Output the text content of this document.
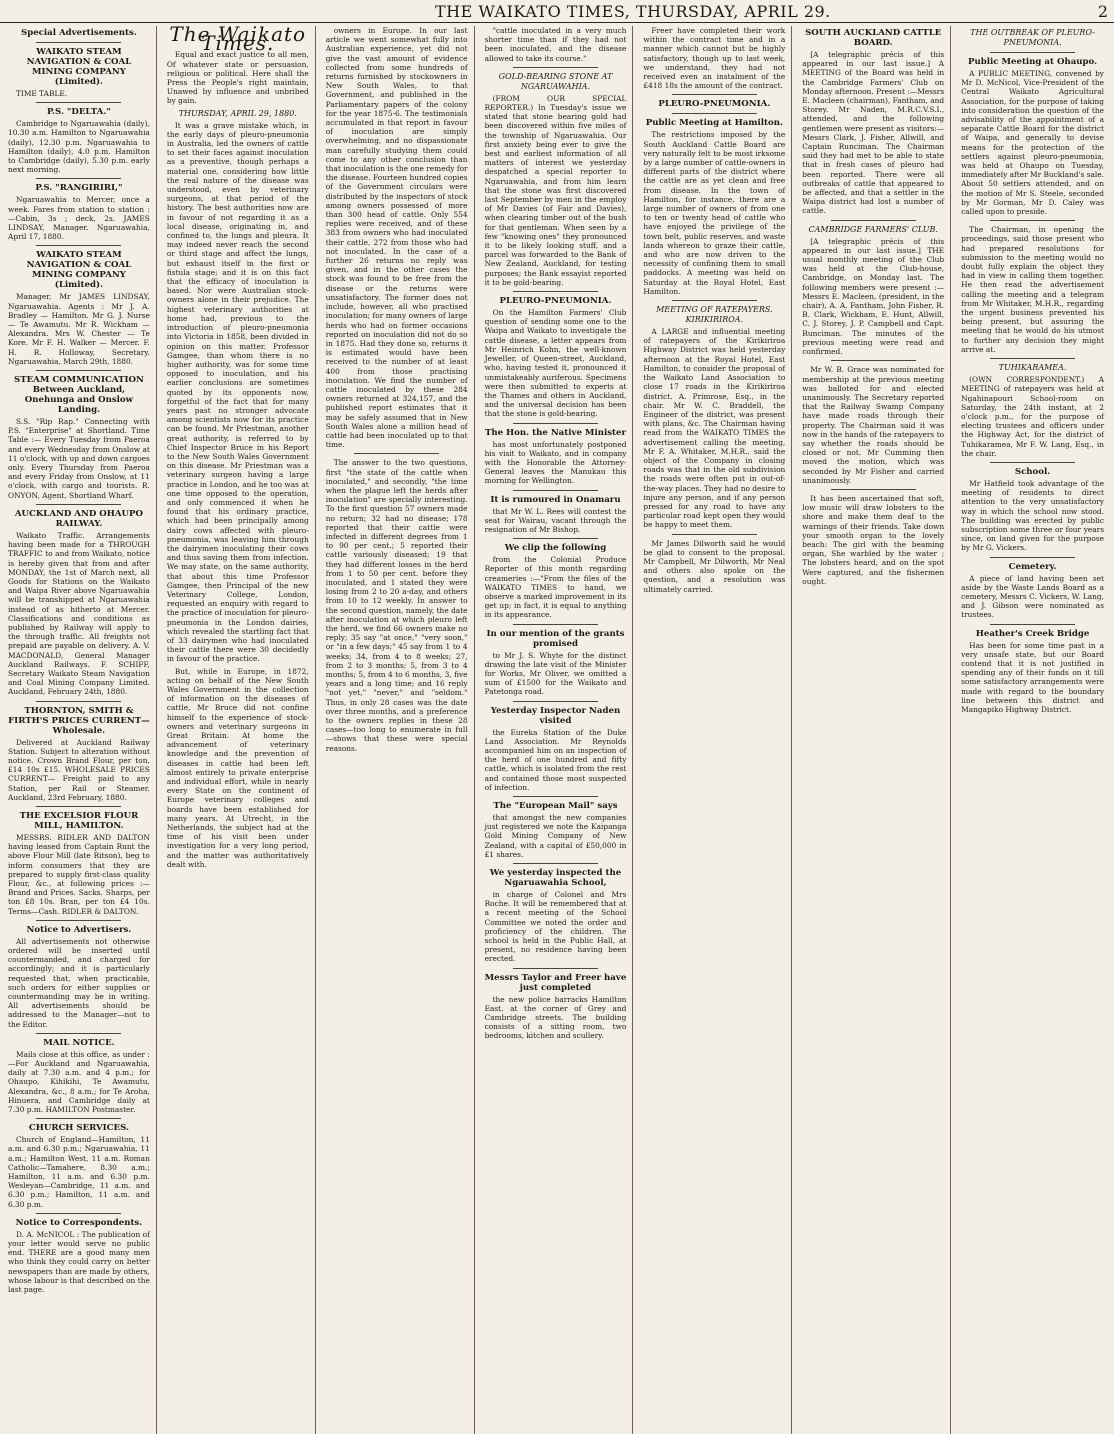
THE WAIKATO TIMES, THURSDAY, APRIL 29.	2
Special Advertisements.
WAIKATO STEAM NAVIGATION & COAL MINING COMPANY (Limited).

TIME TABLE.

P.S. "DELTA."

Cambridge to Ngaruawahia (daily), 10.30 a.m. Hamilton to Ngaruawahia (daily), 12.30 p.m. Ngaruawahia to Hamilton (daily), 4.0 p.m. Hamilton to Cambridge (daily), 5.30 p.m. early next morning.

P.S. "RANGIRIRI,"

Ngaruawahia to Mercer, once a week. Fares from station to station :—Cabin, 3s ; deck, 2s. JAMES LINDSAY, Manager. Ngaruawahia, April 17, 1880.

WAIKATO STEAM NAVIGATION & COAL MINING COMPANY (Limited).

Manager, Mr JAMES LINDSAY, Ngaruawahia. Agents : Mr J. A. Bradley — Hamilton. Mr G. J. Nurse — Te Awamutu. Mr R. Wickham — Alexandra. Mrs W. Chester — Te Kore. Mr F. H. Walker — Mercer. F. H. R. Holloway, Secretary. Ngaruawahia, March 29th, 1880.

STEAM COMMUNICATION Between Auckland, Onehunga and Onslow Landing.

S.S. "Rip Rap." Connecting with P.S. "Enterprise" at Shortland. Time Table :— Every Tuesday from Paeroa and every Wednesday from Onslow at 11 o'clock, with up and down cargoes only. Every Thursday from Paeroa and every Friday from Onslow, at 11 o'clock, with cargo and tourists. R. ONYON, Agent, Shortland Wharf.

AUCKLAND AND OHAUPO RAILWAY.

Waikato Traffic. Arrangements having been made for a THROUGH TRAFFIC to and from Waikato, notice is hereby given that from and after MONDAY, the 1st of March next, all Goods for Stations on the Waikato and Waipa River above Ngaruawahia will be transhipped at Ngaruawahia instead of as hitherto at Mercer. Classifications and conditions as published by Railway will apply to the through traffic. All freights not prepaid are payable on delivery. A. V. MACDONALD, General Manager Auckland Railways. F. SCHIFF, Secretary Waikato Steam Navigation and Coal Mining Company Limited. Auckland, February 24th, 1880.

THORNTON, SMITH & FIRTH'S PRICES CURRENT—Wholesale.

Delivered at Auckland Railway Station. Subject to alteration without notice. Crown Brand Flour, per ton, £14 10s £15. WHOLESALE PRICES CURRENT— Freight paid to any Station, per Rail or Steamer. Auckland, 23rd February, 1880.

THE EXCELSIOR FLOUR MILL, HAMILTON.

MESSRS. RIDLER AND DALTON having leased from Captain Runt the above Flour Mill (late Ritson), beg to inform consumers that they are prepared to supply first-class quality Flour, &c., at following prices :— Brand and Prices. Sacks. Sharps, per ton £8 10s. Bran, per ton £4 10s. Terms—Cash. RIDLER & DALTON.

Notice to Advertisers.

All advertisements not otherwise ordered will be inserted until countermanded, and charged for accordingly; and it is particularly requested that, when practicable, such orders for either supplies or countermanding may be in writing. All advertisements should be addressed to the Manager—not to the Editor.

MAIL NOTICE.

Mails close at this office, as under :—For Auckland and Ngaruawahia, daily at 7.30 a.m. and 4 p.m.; for Ohaupo, Kihikihi, Te Awamutu, Alexandra, &c., 8 a.m.; for Te Aroha, Hinuera, and Cambridge daily at 7.30 p.m. HAMILTON Postmaster.

CHURCH SERVICES.

Church of England—Hamilton, 11 a.m. and 6.30 p.m.; Ngaruawahia, 11 a.m.; Hamilton West, 11 a.m. Roman Catholic—Tamahere, 8.30 a.m.; Hamilton, 11 a.m. and 6.30 p.m. Wesleyan—Cambridge, 11 a.m. and 6.30 p.m.; Hamilton, 11 a.m. and 6.30 p.m.

Notice to Correspondents.

D. A. McNICOL : The publication of your letter would serve no public end. THERE are a good many men who think they could carry on better newspapers than are made by others, whose labour is that described on the last page.

The Waikato Times.

Equal and exact justice to all men, Of whatever state or persuasion, religious or political. Here shall the Press the People's right maintain, Unawed by influence and unbribed by gain.

THURSDAY, APRIL 29, 1880.

It was a grave mistake which, in the early days of pleuro-pneumonia in Australia, led the owners of cattle to set their faces against inoculation as a preventive, though perhaps a material one, considering how little the real nature of the disease was understood, even by veterinary surgeons, at that period of the history. The best authorities now are in favour of not regarding it as a local disease, originating in, and confined to, the lungs and pleura. It may indeed never reach the second or third stage and affect the lungs, but exhaust itself in the first or fistula stage; and it is on this fact that the efficacy of inoculation is based. Nor were Australian stock-owners alone in their prejudice. The highest veterinary authorities at home had, previous to the introduction of pleuro-pneumonia into Victoria in 1858, been divided in opinion on this matter. Professor Gamgee, than whom there is no higher authority, was for some time opposed to inoculation, and his earlier conclusions are sometimes quoted by its opponents now, forgetful of the fact that for many years past no stronger advocate among scientists now for its practice can be found. Mr Priestman, another great authority, is referred to by Chief Inspector Bruce in his Report to the New South Wales Government on this disease. Mr Priestman was a veterinary surgeon having a large practice in London, and he too was at one time opposed to the operation, and only commenced it when he found that his ordinary practice, which had been principally among dairy cows affected with pleuro-pneumonia, was leaving him through the dairymen inoculating their cows and thus saving them from infection. We may state, on the same authority, that about this time Professor Gamgee, then Principal of the new Veterinary College, London, requested an enquiry with regard to the practice of inoculation for pleuro-pneumonia in the London dairies, which revealed the startling fact that of 33 dairymen who had inoculated their cattle there were 30 decidedly in favour of the practice.

But, while in Europe, in 1872, acting on behalf of the New South Wales Government in the collection of information on the diseases of cattle, Mr Bruce did not confine himself to the experience of stock-owners and veterinary surgeons in Great Britain. At home the advancement of veterinary knowledge and the prevention of diseases in cattle had been left almost entirely to private enterprise and individual effort, while in nearly every State on the continent of Europe veterinary colleges and boards have been established for many years. At Utrecht, in the Netherlands, the subject had at the time of his visit been under investigation for a very long period, and the matter was authoritatively dealt with.

owners in Europe. In our last article we went somewhat fully into Australian experience, yet did not give the vast amount of evidence collected from some hundreds of returns furnished by stockowners in New South Wales, to that Government, and published in the Parliamentary papers of the colony for the year 1875-6. The testimonials accumulated in that report in favour of inoculation are simply overwhelming, and no dispassionate man carefully studying them could come to any other conclusion than that inoculation is the one remedy for the disease. Fourteen hundred copies of the Government circulars were distributed by the inspectors of stock among owners possessed of more than 300 head of cattle. Only 554 replies were received, and of these 383 from owners who had inoculated their cattle, 272 from those who had not inoculated. In the case of a further 26 returns no reply was given, and in the other cases the stock was found to be free from the disease or the returns were unsatisfactory. The former does not include, however, all who practised inoculation; for many owners of large herds who had on former occasions reported on inoculation did not do so in 1875. Had they done so, returns it is estimated would have been received to the number of at least 400 from those practising inoculation. We find the number of cattle inoculated by these 284 owners returned at 324,157, and the published report estimates that it may be safely assumed that in New South Wales alone a million head of cattle had been inoculated up to that time.

The answer to the two questions, first "the state of the cattle when inoculated," and secondly, "the time when the plague left the herds after inoculation" are specially interesting. To the first question 57 owners made no return; 32 had no disease; 178 reported that their cattle were infected in different degrees from 1 to 90 per cent.; 5 reported their cattle variously diseased; 19 that they had different losses in the herd from 1 to 50 per cent. before they inoculated, and 1 stated they were losing from 2 to 20 a-day, and others from 10 to 12 weekly. In answer to the second question, namely, the date after inoculation at which pleuro left the herd, we find 66 owners make no reply; 35 say "at once," "very soon," or "in a few days;" 45 say from 1 to 4 weeks; 34, from 4 to 8 weeks; 27, from 2 to 3 months; 5, from 3 to 4 months; 5, from 4 to 6 months, 3, five years and a long time; and 16 reply "not yet," "never," and "seldom." Thus, in only 28 cases was the date over three months, and a preference to the owners replies in these 28 cases—too long to enumerate in full—shows that these were special reasons.

"cattle inoculated in a very much shorter time than if they had not been inoculated, and the disease allowed to take its course."

GOLD-BEARING STONE AT NGARUAWAHIA.

(FROM OUR SPECIAL REPORTER.) In Tuesday's issue we stated that stone bearing gold had been discovered within five miles of the township of Ngaruawahia. Our first anxiety being ever to give the best and earliest information of all matters of interest we yesterday despatched a special reporter to Ngaruawahia, and from him learn that the stone was first discovered last September by men in the employ of Mr Davies (of Fair and Davies), when clearing timber out of the bush for that gentleman. When seen by a few "knowing ones" they pronounced it to be likely looking stuff, and a parcel was forwarded to the Bank of New Zealand, Auckland, for testing purposes; the Bank essayist reported it to be gold-bearing.

PLEURO-PNEUMONIA.

On the Hamilton Farmers' Club question of sending some one to the Waipa and Waikato to investigate the cattle disease, a letter appears from Mr Heinrich Kohn, the well-known Jeweller, of Queen-street, Auckland, who, having tested it, pronounced it unmistakeably auriferous. Specimens were then submitted to experts at the Thames and others in Auckland, and the universal decision has been that the stone is gold-bearing.

The Hon. the Native Minister

has most unfortunately postponed his visit to Waikato, and in company with the Honorable the Attorney-General leaves the Manukau this morning for Wellington.

It is rumoured in Onamaru

that Mr W. L. Rees will contest the seat for Wairau, vacant through the resignation of Mr Bishop.

We clip the following

from the Colonial Produce Reporter of this month regarding creameries :—"From the files of the WAIKATO TIMES to hand, we observe a marked improvement in its get up; in fact, it is equal to anything in its appearance.

In our mention of the grants promised

to Mr J. S. Whyte for the distinct drawing the late visit of the Minister for Works, Mr Oliver, we omitted a sum of £1500 for the Waikato and Patetonga road.

Yesterday Inspector Naden visited

the Eureka Station of the Duke Land Association. Mr Reynolds accompanied him on an inspection of the herd of one hundred and fifty cattle, which is isolated from the rest and contained those most suspected of infection.

The "European Mail" says

that amongst the new companies just registered we note the Kaipanga Gold Mining Company of New Zealand, with a capital of £50,000 in £1 shares.

We yesterday inspected the Ngaruawahia School,

in charge of Colonel and Mrs Roche. It will be remembered that at a recent meeting of the School Committee we noted the order and proficiency of the children. The school is held in the Public Hall, at present, no residence having been erected.

Messrs Taylor and Freer have just completed

the new police barracks Hamilton East, at the corner of Grey and Cambridge streets. The building consists of a sitting room, two bedrooms, kitchen and scullery.

Freer have completed their work within the contract time and in a manner which cannot but be highly satisfactory, though up to last week, we understand, they had not received even an instalment of the £418 18s the amount of the contract.

PLEURO-PNEUMONIA.
Public Meeting at Hamilton.

The restrictions imposed by the South Auckland Cattle Board are very naturally felt to be most irksome by a large number of cattle-owners in different parts of the district where the cattle are as yet clean and free from disease. In the town of Hamilton, for instance, there are a large number of owners of from one to ten or twenty head of cattle who have enjoyed the privilege of the town belt, public reserves, and waste lands whereon to graze their cattle, and who are now driven to the necessity of confining them to small paddocks. A meeting was held on Saturday at the Royal Hotel, East Hamilton.

MEETING OF RATEPAYERS. KIRIKIRIROA.

A LARGE and influential meeting of ratepayers of the Kirikiriroa Highway District was held yesterday afternoon at the Royal Hotel, East Hamilton, to consider the proposal of the Waikato Land Association to close 17 roads in the Kirikiriroa district. A. Primrose, Esq., in the chair. Mr W. C. Braddell, the Engineer of the district, was present with plans, &c. The Chairman having read from the WAIKATO TIMES the advertisement calling the meeting, Mr F. A. Whitaker, M.H.R., said the object of the Company in closing roads was that in the old subdivision the roads were often put in out-of-the-way places. They had no desire to injure any person, and if any person pressed for any road to have any particular road kept open they would be happy to meet them.

Mr James Dilworth said he would be glad to consent to the proposal. Mr Campbell, Mr Dilworth, Mr Neal and others also spoke on the question, and a resolution was ultimately carried.

SOUTH AUCKLAND CATTLE BOARD.

[A telegraphic précis of this appeared in our last issue.] A MEETING of the Board was held in the Cambridge Farmers' Club on Monday afternoon. Present :—Messrs E. Macleen (chairman), Fantham, and Storey. Mr Naden, M.R.C.V.S.I., attended, and the following gentlemen were present as visitors:—Messrs Clark, J. Fisher, Allwill, and Captain Runciman. The Chairman said they had met to be able to state that in fresh cases of pleuro had been reported. There were all outbreaks of cattle that appeared to be affected, and that a settler in the Waipa district had lost a number of cattle.

CAMBRIDGE FARMERS' CLUB.

[A telegraphic précis of this appeared in our last issue.] THE usual monthly meeting of the Club was held at the Club-house, Cambridge, on Monday last. The following members were present :—Messrs E. Macleen, (president, in the chair), A. A. Fantham, John Fisher, R. B. Clark, Wickham, E. Hunt, Allwill, C. J. Storey, J. P. Campbell and Capt. Runciman. The minutes of the previous meeting were read and confirmed.

Mr W. B. Grace was nominated for membership at the previous meeting was balloted for and elected unanimously. The Secretary reported that the Railway Swamp Company have made roads through their property. The Chairman said it was now in the hands of the ratepayers to say whether the roads should be closed or not. Mr Cumming then moved the motion, which was seconded by Mr Fisher and carried unanimously.

It has been ascertained that soft, low music will draw lobsters to the shore and make them deaf to the warnings of their friends. Take down your smooth organ to the lovely beach: The girl with the beaming organ, She warbled by the water ; The lobsters heard, and on the spot Were captured, and the fishermen ought.

THE OUTBREAK OF PLEURO-PNEUMONIA.
Public Meeting at Ohaupo.

A PUBLIC MEETING, convened by Mr D. McNicol, Vice-President of the Central Waikato Agricultural Association, for the purpose of taking into consideration the question of the advisability of the appointment of a separate Cattle Board for the district of Waipa, and generally to devise means for the protection of the settlers against pleuro-pneumonia, was held at Ohaupo on Tuesday, immediately after Mr Buckland's sale. About 50 settlers attended, and on the motion of Mr S. Steele, seconded by Mr Gorman, Mr D. Caley was called upon to preside.

The Chairman, in opening the proceedings, said those present who had prepared resolutions for submission to the meeting would no doubt fully explain the object they had in view in calling them together. He then read the advertisement calling the meeting and a telegram from Mr Whitaker, M.H.R., regarding the urgent business prevented his being present, but assuring the meeting that he would do his utmost to further any decision they might arrive at.

TUHIKARAMEA.

(OWN CORRESPONDENT.) A MEETING of ratepayers was held at Ngahinapouri School-room on Saturday, the 24th instant, at 2 o'clock p.m., for the purpose of electing trustees and officers under the Highway Act, for the district of Tuhikaramea, Mr F. W. Lang, Esq., in the chair.

School.

Mr Hatfield took advantage of the meeting of residents to direct attention to the very unsatisfactory way in which the school now stood. The building was erected by public subscription some three or four years since, on land given for the purpose by Mr G. Vickers.

Cemetery.

A piece of land having been set aside by the Waste Lands Board as a cemetery, Messrs C. Vickers, W. Lang, and J. Gibson were nominated as trustees.

Heather's Creek Bridge

Has been for some time past in a very unsafe state, but our Board contend that it is not justified in spending any of their funds on it till some satisfactory arrangements were made with regard to the boundary line between this district and Mangapiko Highway District.
